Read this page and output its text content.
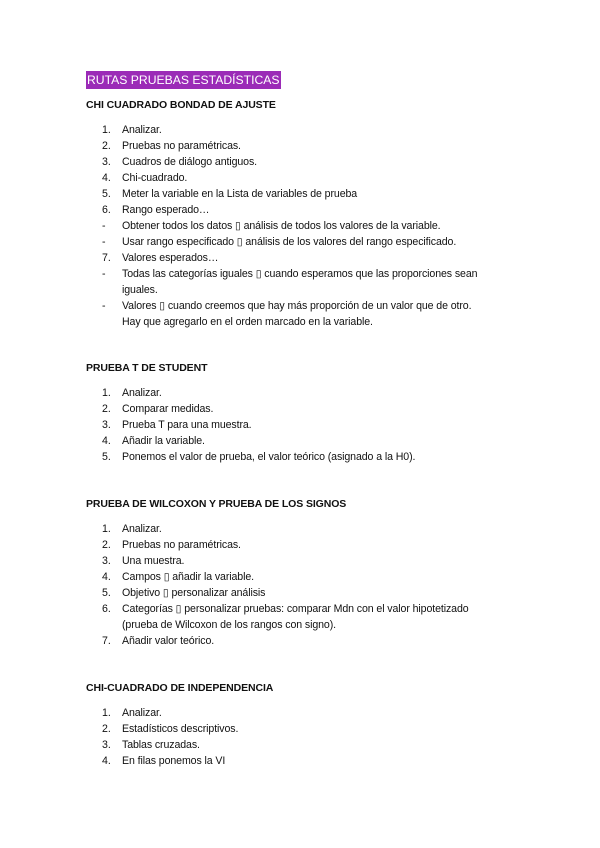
RUTAS PRUEBAS ESTADÍSTICAS
CHI CUADRADO BONDAD DE AJUSTE
1. Analizar.
2. Pruebas no paramétricas.
3. Cuadros de diálogo antiguos.
4. Chi-cuadrado.
5. Meter la variable en la Lista de variables de prueba
6. Rango esperado…
- Obtener todos los datos ▯ análisis de todos los valores de la variable.
- Usar rango especificado ▯ análisis de los valores del rango especificado.
7. Valores esperados…
- Todas las categorías iguales ▯ cuando esperamos que las proporciones sean
iguales.
- Valores ▯ cuando creemos que hay más proporción de un valor que de otro.
Hay que agregarlo en el orden marcado en la variable.
PRUEBA T DE STUDENT
1. Analizar.
2. Comparar medidas.
3. Prueba T para una muestra.
4. Añadir la variable.
5. Ponemos el valor de prueba, el valor teórico (asignado a la H0).
PRUEBA DE WILCOXON Y PRUEBA DE LOS SIGNOS
1. Analizar.
2. Pruebas no paramétricas.
3. Una muestra.
4. Campos ▯ añadir la variable.
5. Objetivo ▯ personalizar análisis
6. Categorías ▯ personalizar pruebas: comparar Mdn con el valor hipotetizado
(prueba de Wilcoxon de los rangos con signo).
7. Añadir valor teórico.
CHI-CUADRADO DE INDEPENDENCIA
1. Analizar.
2. Estadísticos descriptivos.
3. Tablas cruzadas.
4. En filas ponemos la VI
